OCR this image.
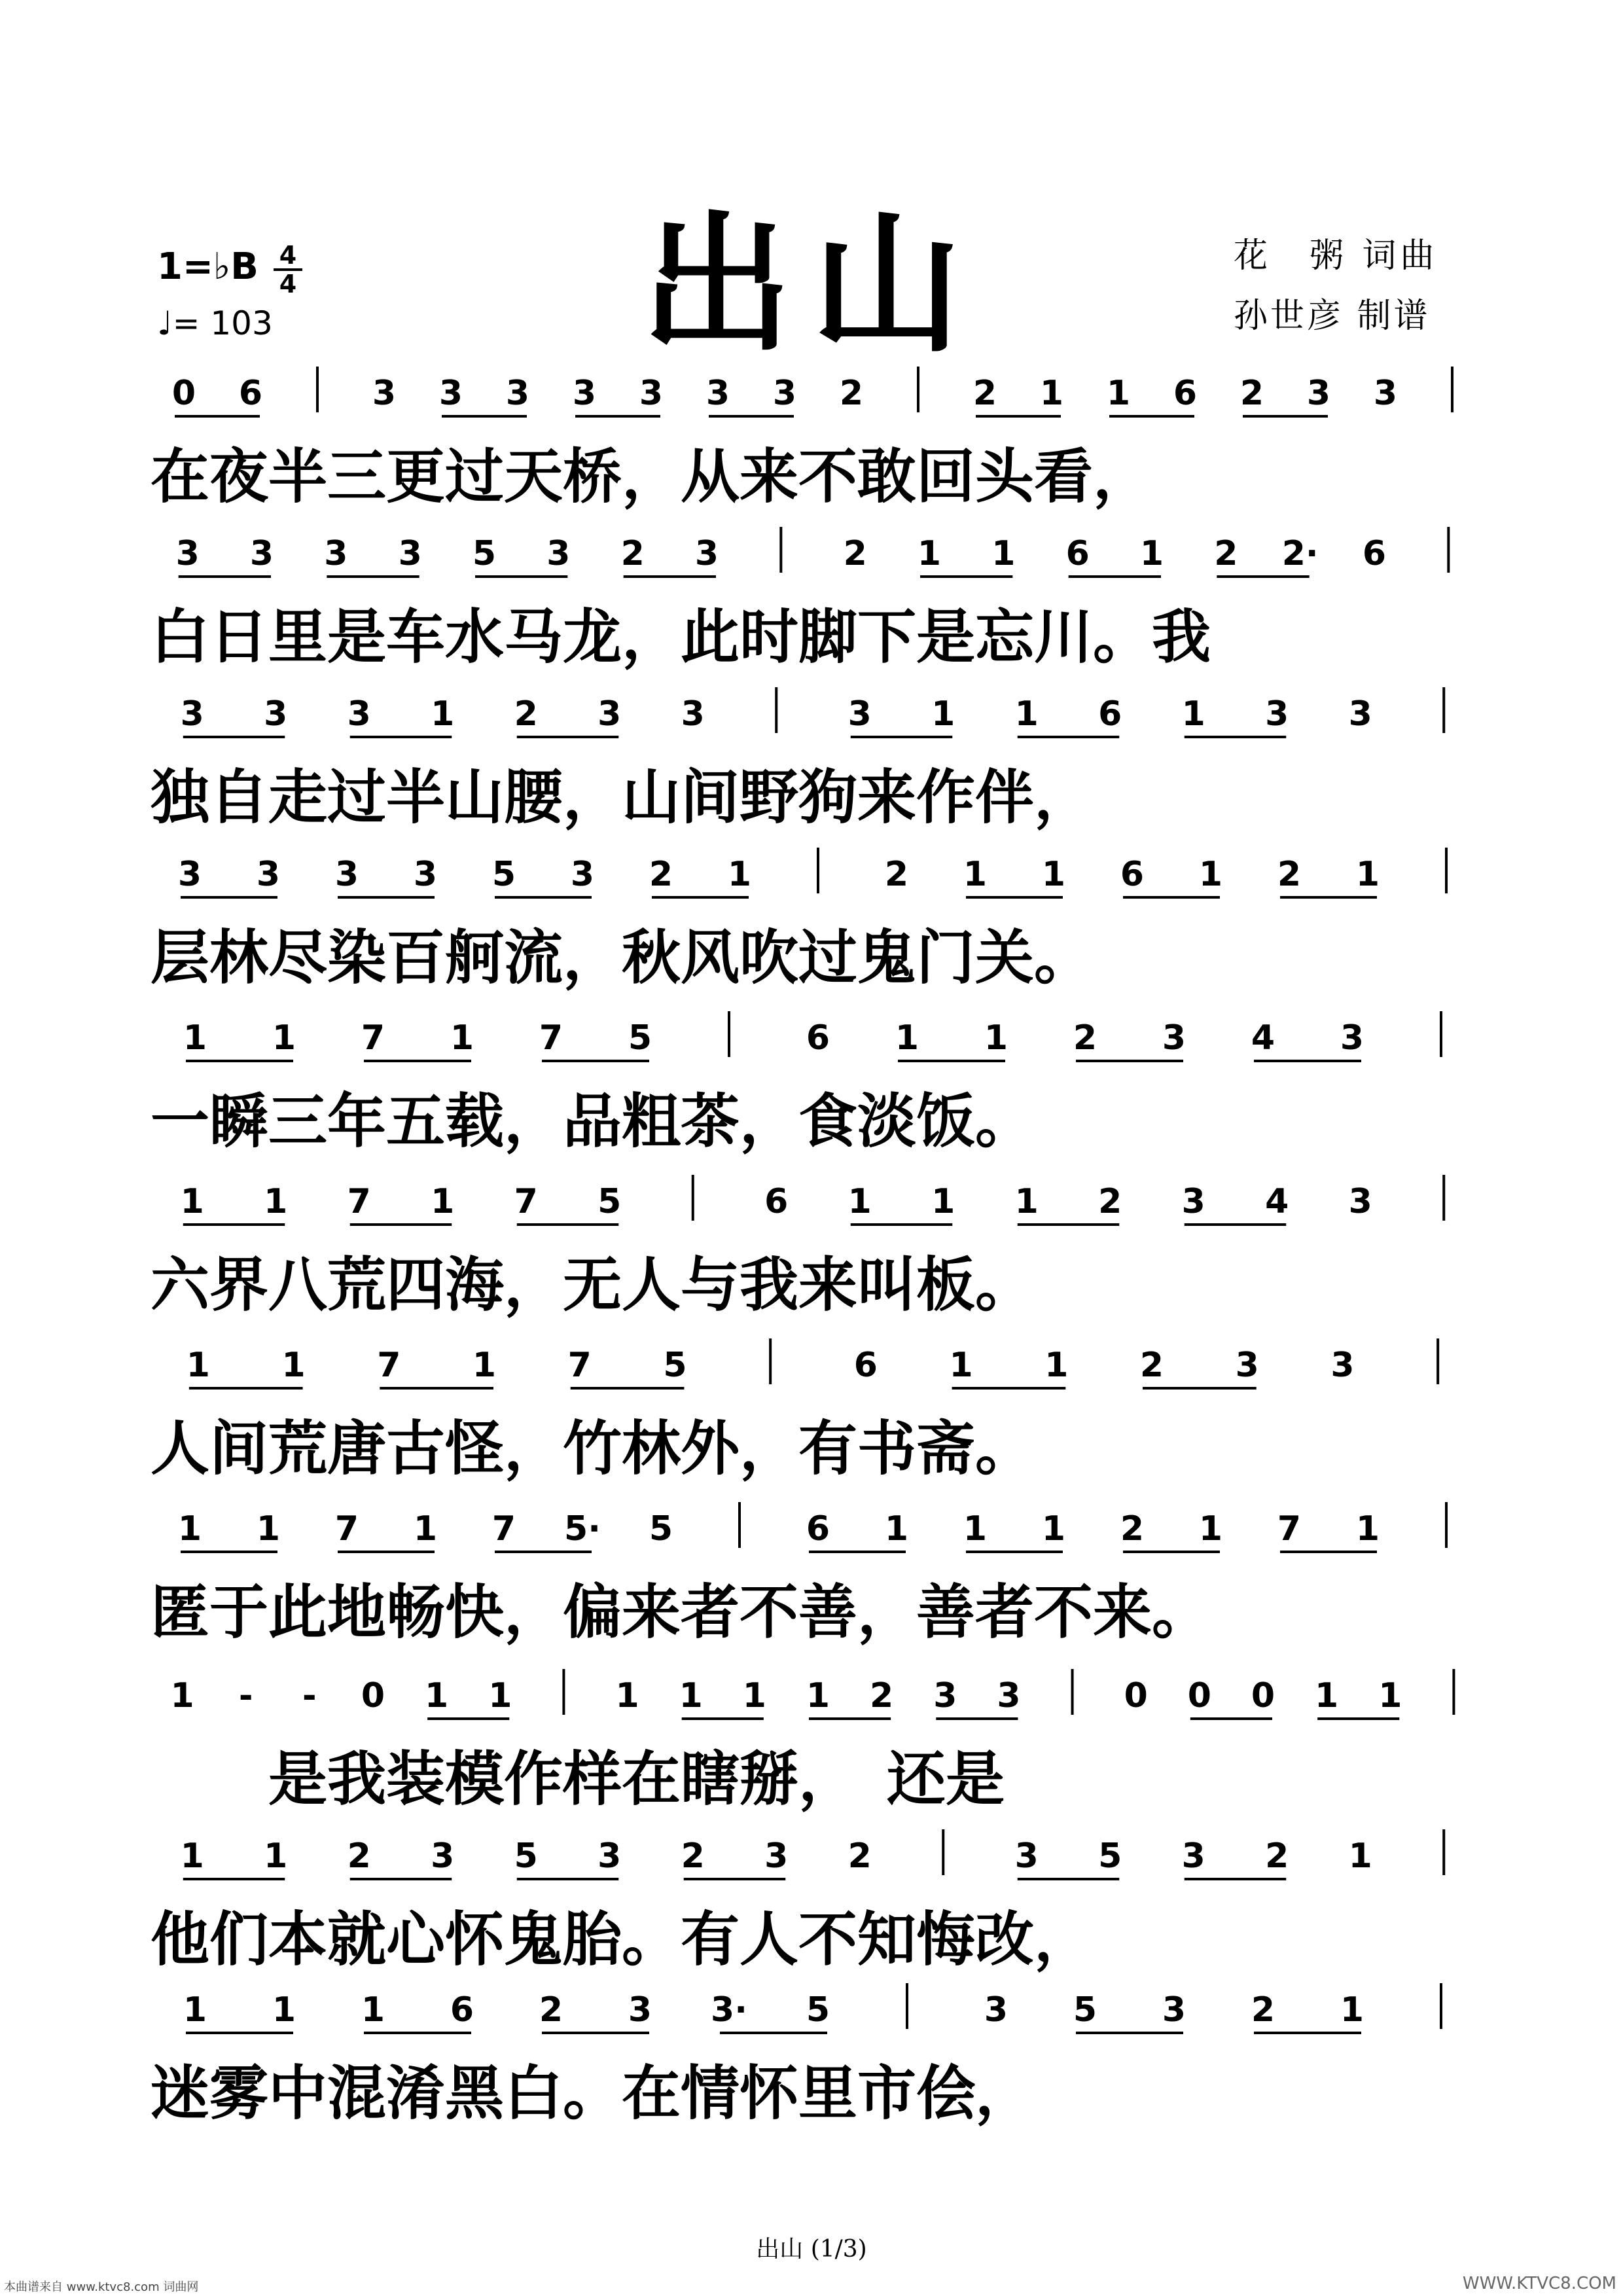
出山
1=♭B 4
4
♩= 103
花　粥 词曲
孙世彦 制谱
0 6	3 3 3 3 3 3 3 2	2 1 1 6 2 3 3
在夜半三更过天桥，从来不敢回头看，
3 3 3 3 5 3 2 3	2 1 1 6 1 2 2· 6
白日里是车水马龙，此时脚下是忘川。我
3 3 3 1 2 3 3	3 1 1 6 1 3 3
独自走过半山腰，山间野狗来作伴，
3 3 3 3 5 3 2 1	2 1 1 6 1 2 1
层林尽染百舸流，秋风吹过鬼门关。
1 1 7 1 7 5	6 1 1 2 3 4 3
一瞬三年五载，品粗茶，食淡饭。
1 1 7 1 7 5	6 1 1 1 2 3 4 3
六界八荒四海，无人与我来叫板。
1 1 7 1 7 5	6 1 1 2 3 3
人间荒唐古怪，竹林外，有书斋。
1 1 7 1 7 5· 5	6 1 1 1 2 1 7 1
匿于此地畅快，偏来者不善，善者不来。
1 - - 0 1 1	1 1 1 1 2 3 3	0 0 0 1 1
　　是我装模作样在瞎掰，　还是
1 1 2 3 5 3 2 3 2	3 5 3 2 1
他们本就心怀鬼胎。有人不知悔改，
1 1 1 6 2 3 3· 5	3 5 3 2 1
迷雾中混淆黑白。在情怀里市侩，
出山 (1/3)
本曲谱来自 www.ktvc8.com 词曲网	WWW.KTVC8.COM
